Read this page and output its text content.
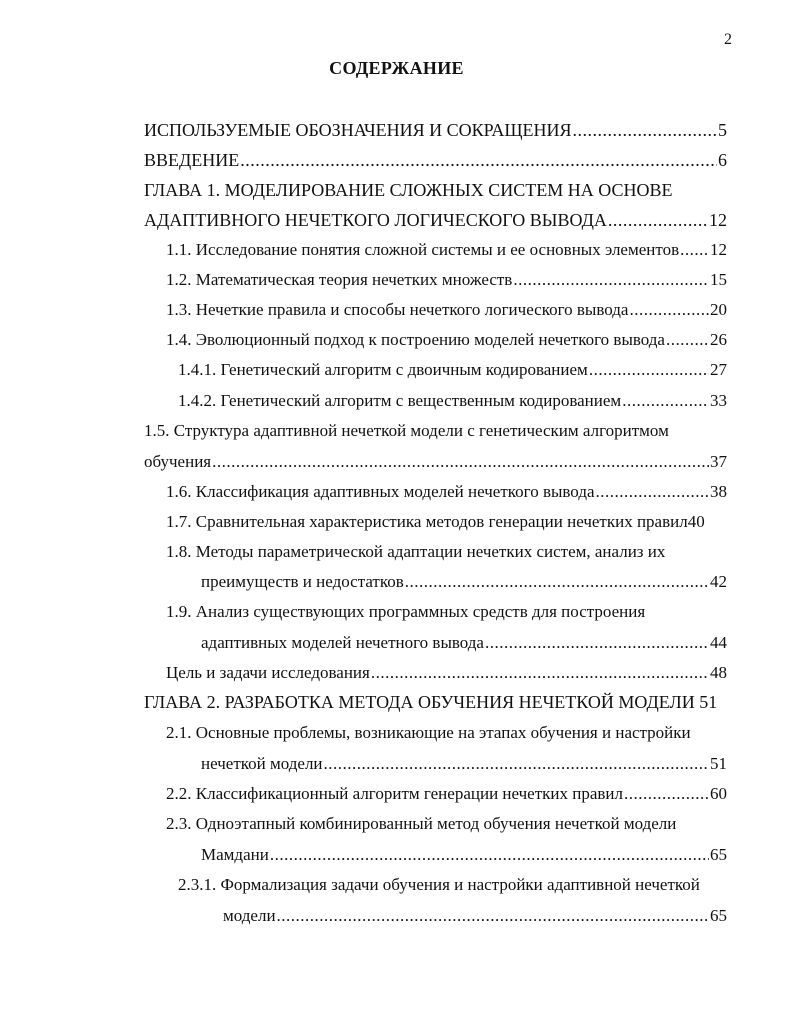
2
СОДЕРЖАНИЕ
ИСПОЛЬЗУЕМЫЕ ОБОЗНАЧЕНИЯ И СОКРАЩЕНИЯ .....	5
ВВЕДЕНИЕ .....	6
ГЛАВА 1. МОДЕЛИРОВАНИЕ СЛОЖНЫХ СИСТЕМ НА ОСНОВЕ
АДАПТИВНОГО НЕЧЕТКОГО ЛОГИЧЕСКОГО ВЫВОДА .....	12
1.1. Исследование понятия сложной системы и ее основных элементов ..... 12
1.2. Математическая теория нечетких множеств .....	15
1.3. Нечеткие правила и способы нечеткого логического вывода .....	20
1.4. Эволюционный подход к построению моделей нечеткого вывода .....	26
1.4.1. Генетический алгоритм с двоичным кодированием .....	27
1.4.2. Генетический алгоритм с вещественным кодированием .....	33
1.5. Структура адаптивной нечеткой модели с генетическим алгоритмом
обучения .....	37
1.6. Классификация адаптивных моделей нечеткого вывода .....	38
1.7. Сравнительная характеристика методов генерации нечетких правил40
1.8. Методы параметрической адаптации нечетких систем, анализ их
преимуществ и недостатков .....	42
1.9. Анализ существующих программных средств для построения
адаптивных моделей нечетного вывода .....	44
Цель и задачи исследования .....	48
ГЛАВА 2. РАЗРАБОТКА МЕТОДА ОБУЧЕНИЯ НЕЧЕТКОЙ МОДЕЛИ 51
2.1. Основные проблемы, возникающие на этапах обучения и настройки
нечеткой модели .....	51
2.2. Классификационный алгоритм генерации нечетких правил .....	60
2.3. Одноэтапный комбинированный метод обучения нечеткой модели
Мамдани .....	65
2.3.1. Формализация задачи обучения и настройки адаптивной нечеткой
модели .....	65
